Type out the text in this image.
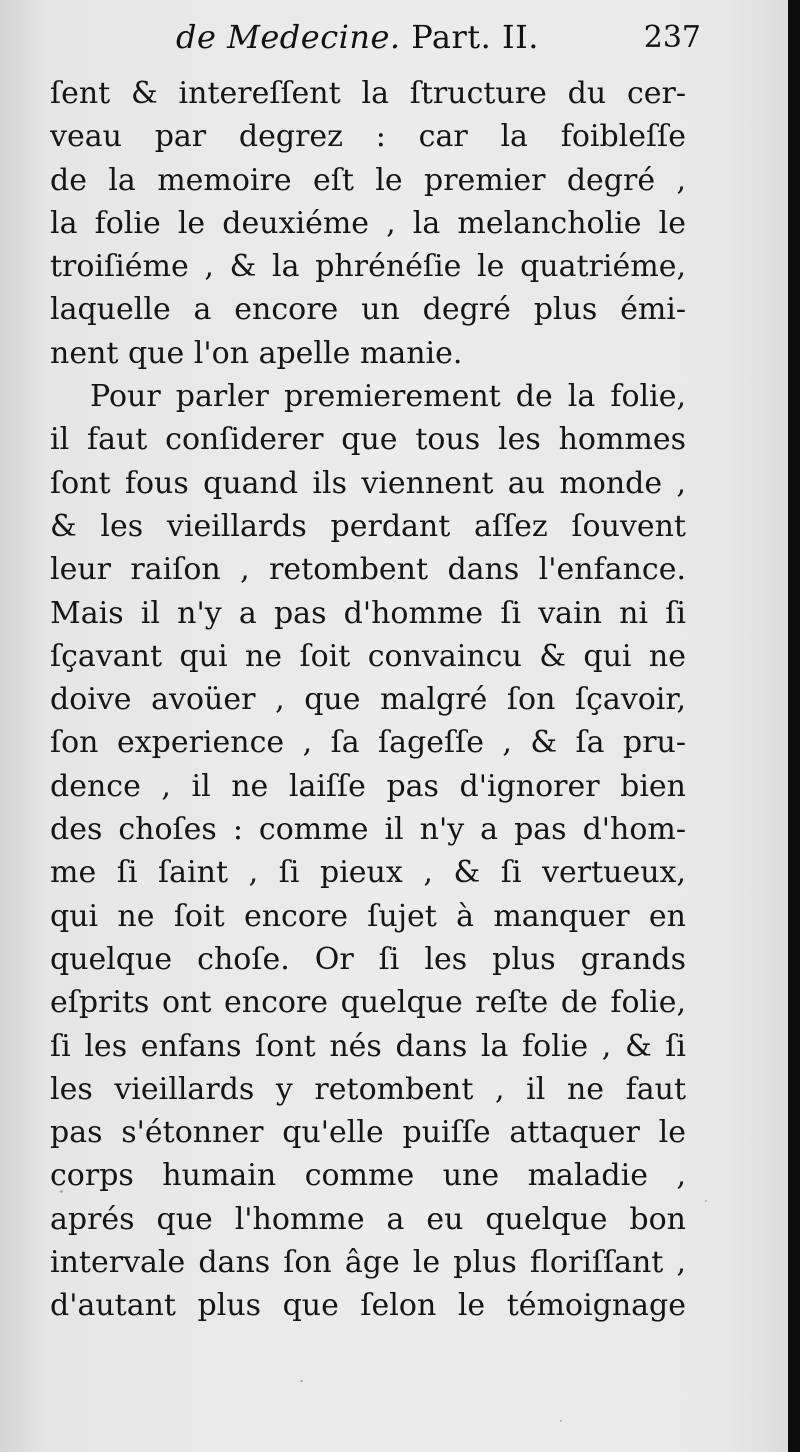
de Medecine. Part. II.	237
ſent & intereſſent la ſtructure du cer-
veau par degrez : car la foibleſſe
de la memoire eſt le premier degré ,
la folie le deuxiéme , la melancholie le
troiſiéme , & la phrénéſie le quatriéme,
laquelle a encore un degré plus émi-
nent que l'on apelle manie.
Pour parler premierement de la folie,
il faut conſiderer que tous les hommes
ſont fous quand ils viennent au monde ,
& les vieillards perdant aſſez ſouvent
leur raiſon , retombent dans l'enfance.
Mais il n'y a pas d'homme ſi vain ni ſi
ſçavant qui ne ſoit convaincu & qui ne
doive avoüer , que malgré ſon ſçavoir,
ſon experience , ſa ſageſſe , & ſa pru-
dence , il ne laiſſe pas d'ignorer bien
des choſes : comme il n'y a pas d'hom-
me ſi ſaint , ſi pieux , & ſi vertueux,
qui ne ſoit encore ſujet à manquer en
quelque choſe. Or ſi les plus grands
eſprits ont encore quelque reſte de folie,
ſi les enfans ſont nés dans la folie , & ſi
les vieillards y retombent , il ne faut
pas s'étonner qu'elle puiſſe attaquer le
corps humain comme une maladie ,
aprés que l'homme a eu quelque bon
intervale dans ſon âge le plus floriſſant ,
d'autant plus que ſelon le témoignage
